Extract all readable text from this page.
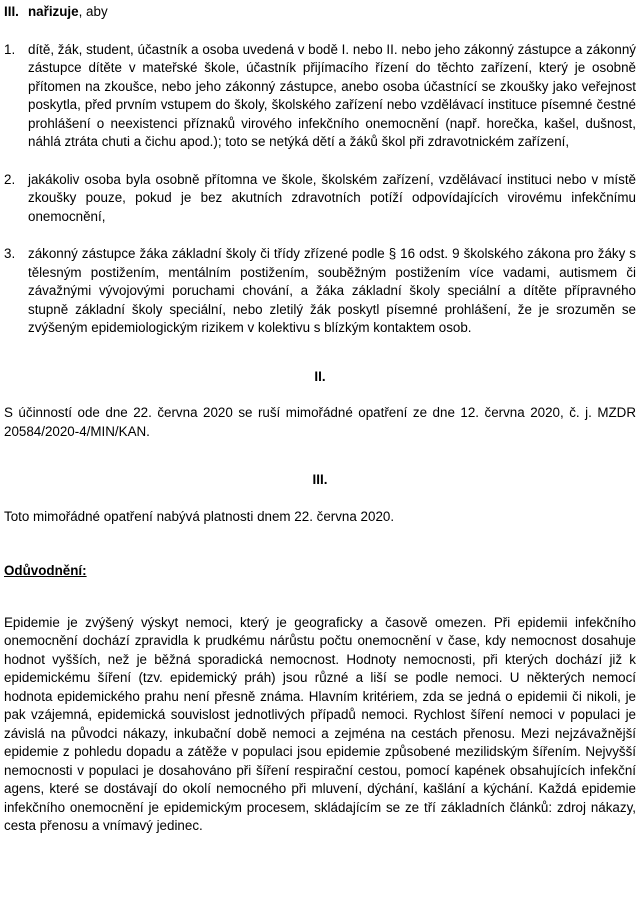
III. nařizuje, aby

1. dítě, žák, student, účastník a osoba uvedená v bodě I. nebo II. nebo jeho zákonný zástupce a zákonný zástupce dítěte v mateřské škole, účastník přijímacího řízení do těchto zařízení, který je osobně přítomen na zkoušce, nebo jeho zákonný zástupce, anebo osoba účastnící se zkoušky jako veřejnost poskytla, před prvním vstupem do školy, školského zařízení nebo vzdělávací instituce písemné čestné prohlášení o neexistenci příznaků virového infekčního onemocnění (např. horečka, kašel, dušnost, náhlá ztráta chuti a čichu apod.); toto se netýká dětí a žáků škol při zdravotnickém zařízení,
2. jakákoliv osoba byla osobně přítomna ve škole, školském zařízení, vzdělávací instituci nebo v místě zkoušky pouze, pokud je bez akutních zdravotních potíží odpovídajících virovému infekčnímu onemocnění,
3. zákonný zástupce žáka základní školy či třídy zřízené podle § 16 odst. 9 školského zákona pro žáky s tělesným postižením, mentálním postižením, souběžným postižením více vadami, autismem či závažnými vývojovými poruchami chování, a žáka základní školy speciální a dítěte přípravného stupně základní školy speciální, nebo zletilý žák poskytl písemné prohlášení, že je srozuměn se zvýšeným epidemiologickým rizikem v kolektivu s blízkým kontaktem osob.
II.

S účinností ode dne 22. června 2020 se ruší mimořádné opatření ze dne 12. června 2020, č. j. MZDR 20584/2020-4/MIN/KAN.

III.

Toto mimořádné opatření nabývá platnosti dnem 22. června 2020.

Odůvodnění:

Epidemie je zvýšený výskyt nemoci, který je geograficky a časově omezen. Při epidemii infekčního onemocnění dochází zpravidla k prudkému nárůstu počtu onemocnění v čase, kdy nemocnost dosahuje hodnot vyšších, než je běžná sporadická nemocnost. Hodnoty nemocnosti, při kterých dochází již k epidemickému šíření (tzv. epidemický práh) jsou různé a liší se podle nemoci. U některých nemocí hodnota epidemického prahu není přesně známa. Hlavním kritériem, zda se jedná o epidemii či nikoli, je pak vzájemná, epidemická souvislost jednotlivých případů nemoci. Rychlost šíření nemoci v populaci je závislá na původci nákazy, inkubační době nemoci a zejména na cestách přenosu. Mezi nejzávažnější epidemie z pohledu dopadu a zátěže v populaci jsou epidemie způsobené mezilidským šířením. Nejvyšší nemocnosti v populaci je dosahováno při šíření respirační cestou, pomocí kapének obsahujících infekční agens, které se dostávají do okolí nemocného při mluvení, dýchání, kašlání a kýchání. Každá epidemie infekčního onemocnění je epidemickým procesem, skládajícím se ze tří základních článků: zdroj nákazy, cesta přenosu a vnímavý jedinec.
